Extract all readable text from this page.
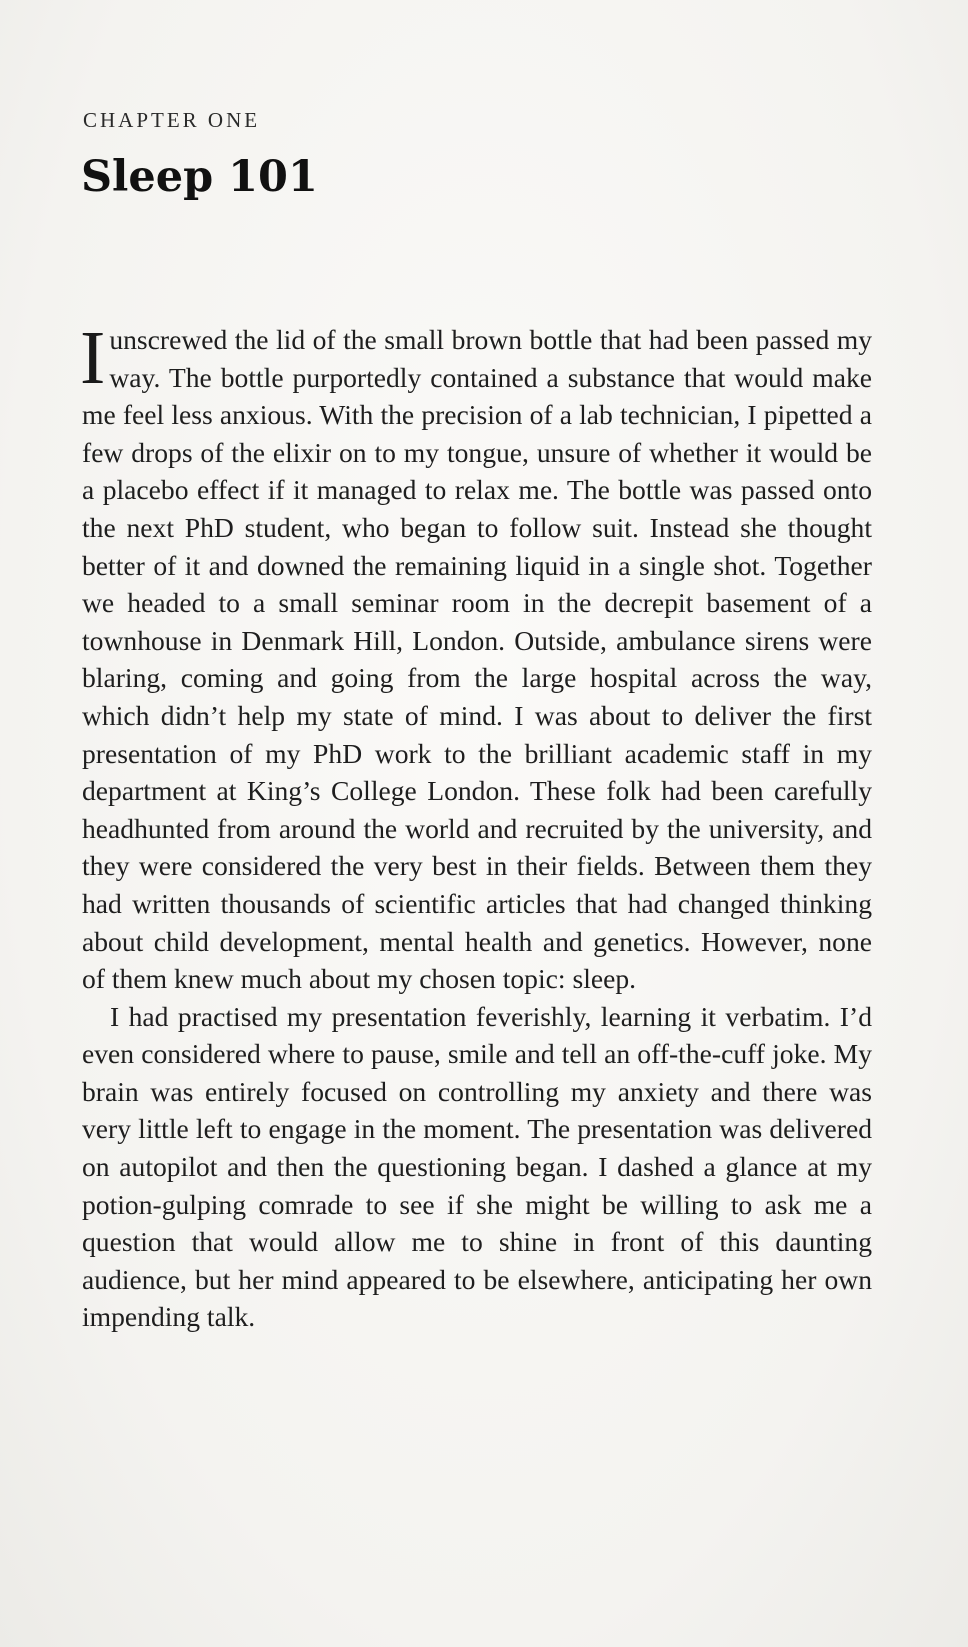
CHAPTER ONE

Sleep 101

Iunscrewed the lid of the small brown bottle that had been passed my way. The bottle purportedly contained a substance that would make me feel less anxious. With the precision of a lab technician, I pipetted a few drops of the elixir on to my tongue, unsure of whether it would be a placebo effect if it managed to relax me. The bottle was passed onto the next PhD student, who began to follow suit. Instead she thought better of it and downed the remaining liquid in a single shot. Together we headed to a small seminar room in the decrepit basement of a townhouse in Denmark Hill, London. Outside, ambulance sirens were blaring, coming and going from the large hospital across the way, which didn’t help my state of mind. I was about to deliver the first presentation of my PhD work to the brilliant academic staff in my department at King’s College London. These folk had been carefully headhunted from around the world and recruited by the university, and they were considered the very best in their fields. Between them they had written thousands of scientific articles that had changed thinking about child development, mental health and genetics. However, none of them knew much about my chosen topic: sleep.

I had practised my presentation feverishly, learning it verbatim. I’d even considered where to pause, smile and tell an off-the-cuff joke. My brain was entirely focused on controlling my anxiety and there was very little left to engage in the moment. The presentation was delivered on autopilot and then the questioning began. I dashed a glance at my potion-gulping comrade to see if she might be willing to ask me a question that would allow me to shine in front of this daunting audience, but her mind appeared to be elsewhere, anticipating her own impending talk.
